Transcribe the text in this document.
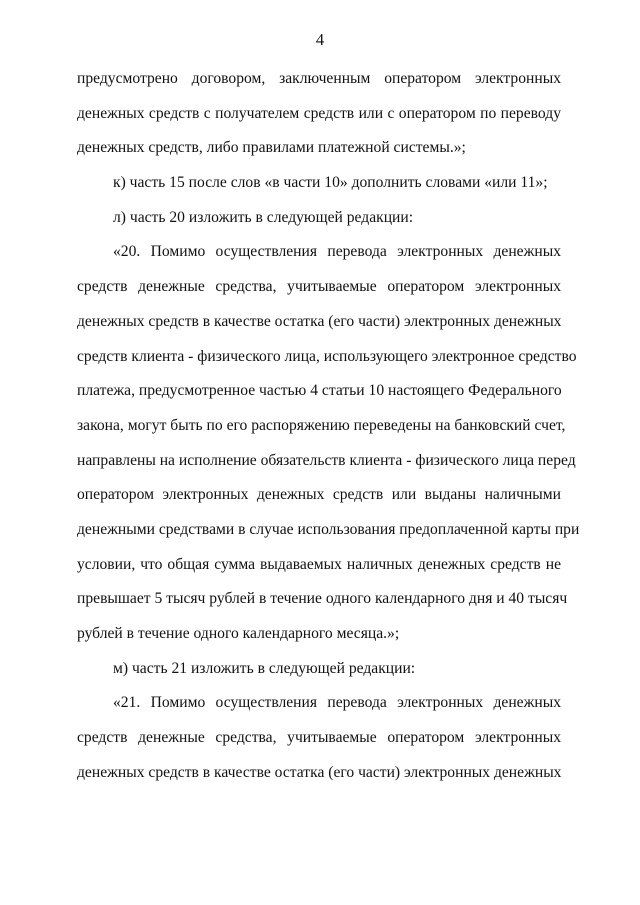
4
предусмотрено договором, заключенным оператором электронных
денежных средств с получателем средств или с оператором по переводу
денежных средств, либо правилами платежной системы.»;
к) часть 15 после слов «в части 10» дополнить словами «или 11»;
л) часть 20 изложить в следующей редакции:
«20. Помимо осуществления перевода электронных денежных
средств денежные средства, учитываемые оператором электронных
денежных средств в качестве остатка (его части) электронных денежных
средств клиента - физического лица, использующего электронное средство
платежа, предусмотренное частью 4 статьи 10 настоящего Федерального
закона, могут быть по его распоряжению переведены на банковский счет,
направлены на исполнение обязательств клиента - физического лица перед
оператором электронных денежных средств или выданы наличными
денежными средствами в случае использования предоплаченной карты при
условии, что общая сумма выдаваемых наличных денежных средств не
превышает 5 тысяч рублей в течение одного календарного дня и 40 тысяч
рублей в течение одного календарного месяца.»;
м) часть 21 изложить в следующей редакции:
«21. Помимо осуществления перевода электронных денежных
средств денежные средства, учитываемые оператором электронных
денежных средств в качестве остатка (его части) электронных денежных
